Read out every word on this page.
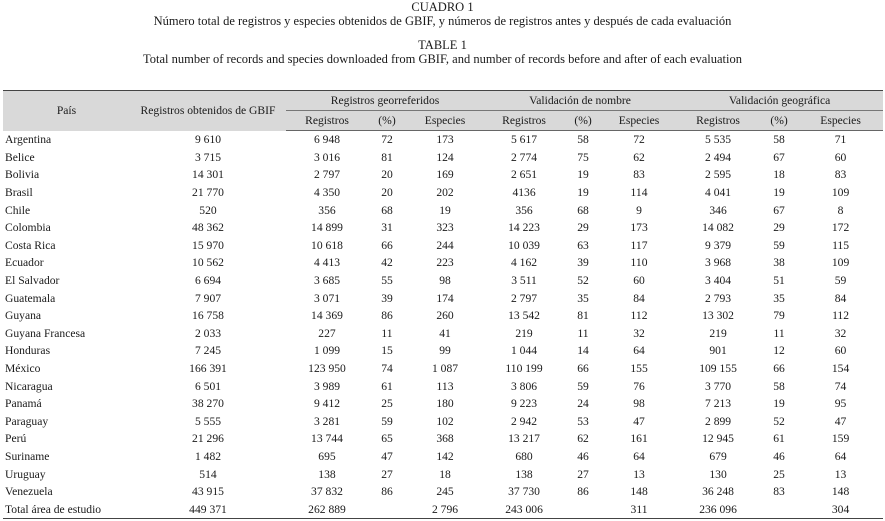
CUADRO 1
Número total de registros y especies obtenidos de GBIF, y números de registros antes y después de cada evaluación
TABLE 1
Total number of records and species downloaded from GBIF, and number of records before and after of each evaluation
País	Registros obtenidos de GBIF	Registros georreferidos			Validación de nombre			Validación geográfica		
		Registros	(%)	Especies	Registros	(%)	Especies	Registros	(%)	Especies
Argentina	9 610	6 948	72	173	5 617	58	72	5 535	58	71
Belice	3 715	3 016	81	124	2 774	75	62	2 494	67	60
Bolivia	14 301	2 797	20	169	2 651	19	83	2 595	18	83
Brasil	21 770	4 350	20	202	4136	19	114	4 041	19	109
Chile	520	356	68	19	356	68	9	346	67	8
Colombia	48 362	14 899	31	323	14 223	29	173	14 082	29	172
Costa Rica	15 970	10 618	66	244	10 039	63	117	9 379	59	115
Ecuador	10 562	4 413	42	223	4 162	39	110	3 968	38	109
El Salvador	6 694	3 685	55	98	3 511	52	60	3 404	51	59
Guatemala	7 907	3 071	39	174	2 797	35	84	2 793	35	84
Guyana	16 758	14 369	86	260	13 542	81	112	13 302	79	112
Guyana Francesa	2 033	227	11	41	219	11	32	219	11	32
Honduras	7 245	1 099	15	99	1 044	14	64	901	12	60
México	166 391	123 950	74	1 087	110 199	66	155	109 155	66	154
Nicaragua	6 501	3 989	61	113	3 806	59	76	3 770	58	74
Panamá	38 270	9 412	25	180	9 223	24	98	7 213	19	95
Paraguay	5 555	3 281	59	102	2 942	53	47	2 899	52	47
Perú	21 296	13 744	65	368	13 217	62	161	12 945	61	159
Suriname	1 482	695	47	142	680	46	64	679	46	64
Uruguay	514	138	27	18	138	27	13	130	25	13
Venezuela	43 915	37 832	86	245	37 730	86	148	36 248	83	148
Total área de estudio	449 371	262 889		2 796	243 006		311	236 096		304
